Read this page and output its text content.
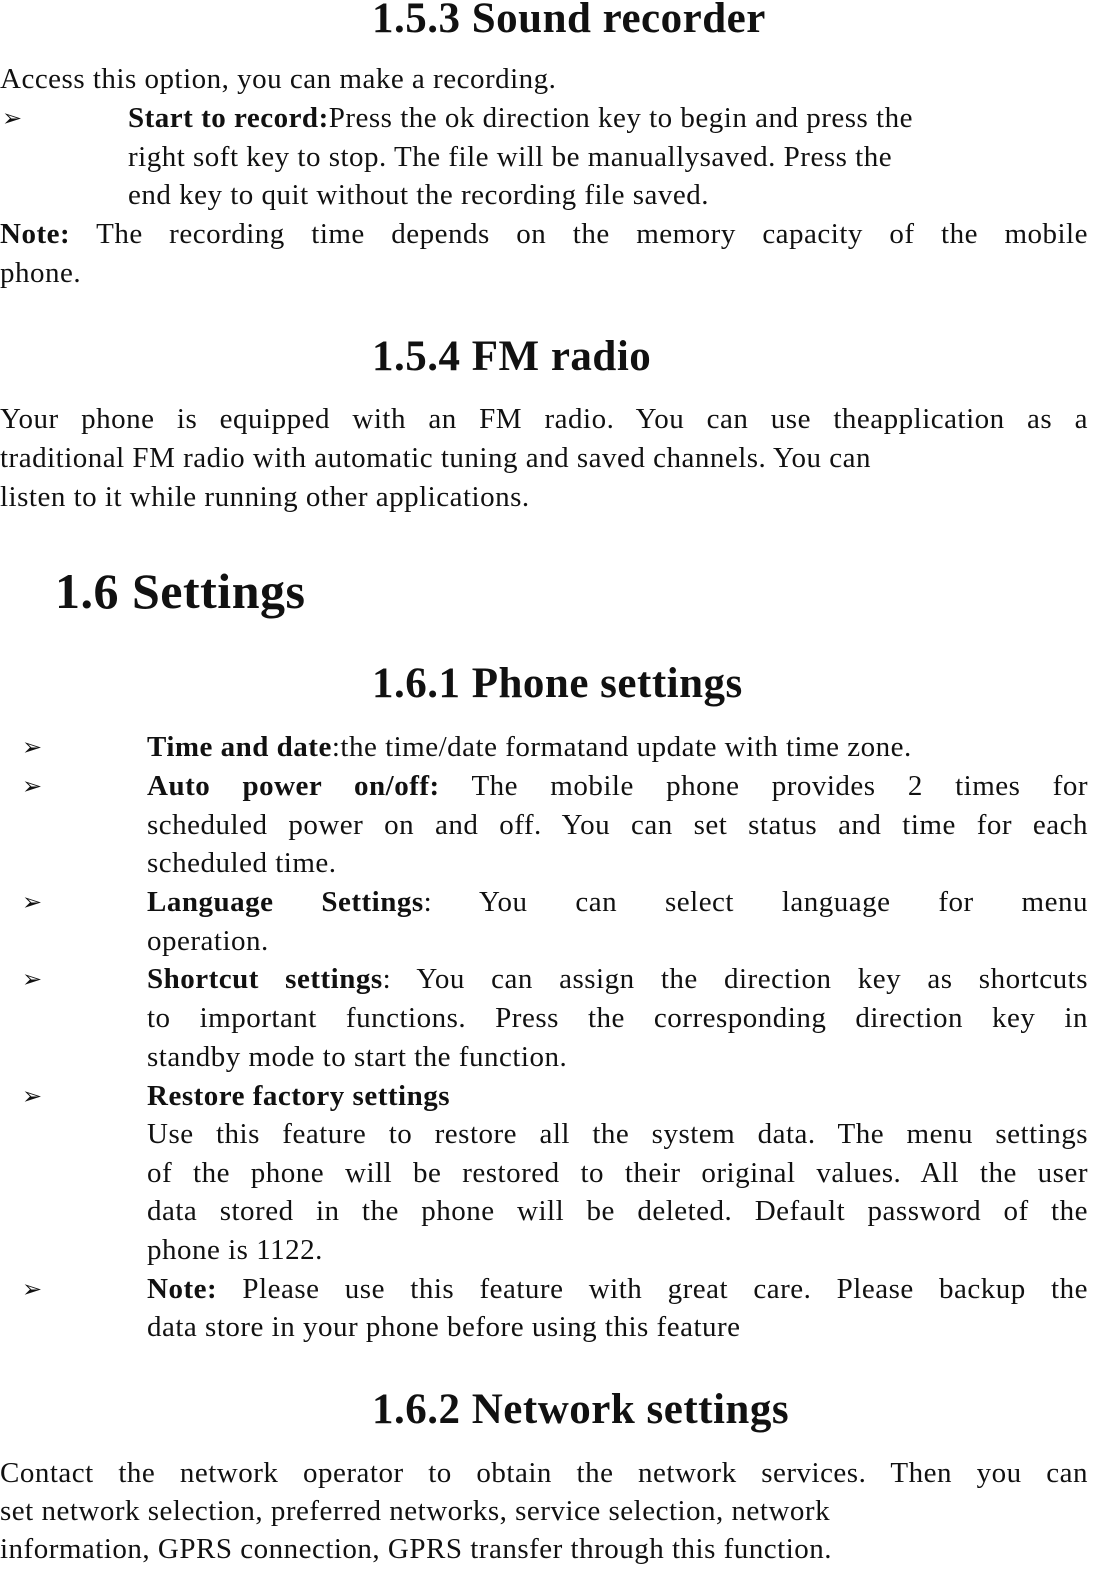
1.5.3 Sound recorder
Access this option, you can make a recording.
➢	Start to record:Press the ok direction key to begin and press the
right soft key to stop. The file will be manuallysaved. Press the
end key to quit without the recording file saved.
Note: The recording time depends on the memory capacity of the mobile
phone.
1.5.4 FM radio
Your phone is equipped with an FM radio. You can use theapplication as a
traditional FM radio with automatic tuning and saved channels. You can
listen to it while running other applications.
1.6 Settings
1.6.1 Phone settings
➢	Time and date:the time/date formatand update with time zone.
➢	Auto power on/off: The mobile phone provides 2 times for
scheduled power on and off. You can set status and time for each
scheduled time.
➢	Language Settings: You can select language for menu
operation.
➢	Shortcut settings: You can assign the direction key as shortcuts
to important functions. Press the corresponding direction key in
standby mode to start the function.
➢	Restore factory settings
Use this feature to restore all the system data. The menu settings
of the phone will be restored to their original values. All the user
data stored in the phone will be deleted. Default password of the
phone is 1122.
➢	Note: Please use this feature with great care. Please backup the
data store in your phone before using this feature
1.6.2 Network settings
Contact the network operator to obtain the network services. Then you can
set network selection, preferred networks, service selection, network
information, GPRS connection, GPRS transfer through this function.
